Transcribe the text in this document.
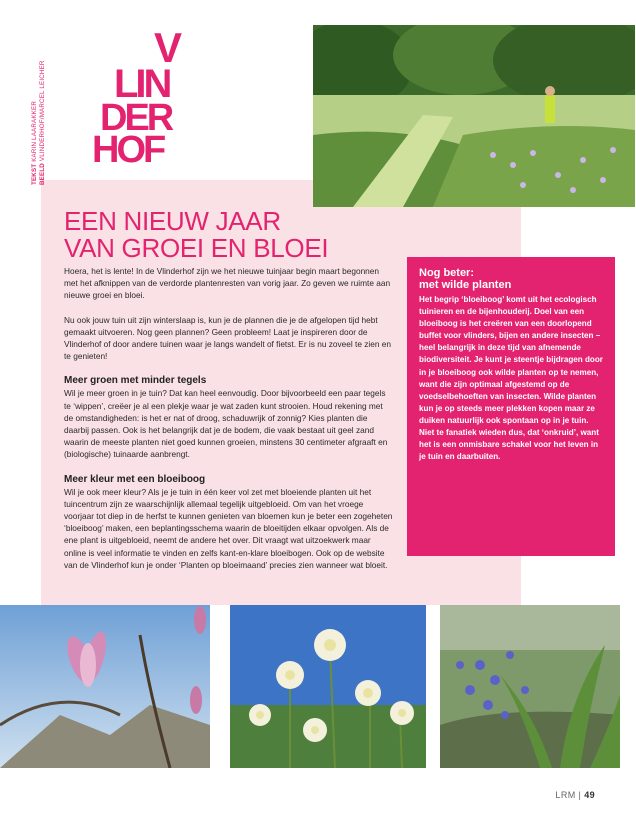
TEKST KARIN LAARAKKER
BEELD VLINDERHOF/MARCEL LEICHER
V
LIN
DER
HOF
EEN NIEUW JAAR
VAN GROEI EN BLOEI

Hoera, het is lente! In de Vlinderhof zijn we het nieuwe tuinjaar begin maart begonnen met het afknippen van de verdorde plantenresten van vorig jaar. Zo geven we ruimte aan nieuwe groei en bloei.

Nu ook jouw tuin uit zijn winterslaap is, kun je de plannen die je de afgelopen tijd hebt gemaakt uitvoeren. Nog geen plannen? Geen probleem! Laat je inspireren door de Vlinderhof of door andere tuinen waar je langs wandelt of fietst. Er is nu zoveel te zien en te genieten!

Meer groen met minder tegels

Wil je meer groen in je tuin? Dat kan heel eenvoudig. Door bijvoorbeeld een paar tegels te ‘wippen’, creëer je al een plekje waar je wat zaden kunt strooien. Houd rekening met de omstandigheden: is het er nat of droog, schaduwrijk of zonnig? Kies planten die daarbij passen. Ook is het belangrijk dat je de bodem, die vaak bestaat uit geel zand waarin de meeste planten niet goed kunnen groeien, minstens 30 centimeter afgraaft en (biologische) tuinaarde aanbrengt.

Meer kleur met een bloeiboog

Wil je ook meer kleur? Als je je tuin in één keer vol zet met bloeiende planten uit het tuincentrum zijn ze waarschijnlijk allemaal tegelijk uitgebloeid. Om van het vroege voorjaar tot diep in de herfst te kunnen genieten van bloemen kun je beter een zogeheten ‘bloeiboog’ maken, een beplantingsschema waarin de bloeitijden elkaar opvolgen. Als de ene plant is uitgebloeid, neemt de andere het over. Dit vraagt wat uitzoekwerk maar online is veel informatie te vinden en zelfs kant-en-klare bloeibogen. Ook op de website van de Vlinderhof kun je onder ‘Planten op bloeimaand’ precies zien wanneer wat bloeit.

Nog beter:
met wilde planten

Het begrip ‘bloeiboog’ komt uit het ecologisch tuinieren en de bijenhouderij. Doel van een bloeiboog is het creëren van een doorlopend buffet voor vlinders, bijen en andere insecten – heel belangrijk in deze tijd van afnemende biodiversiteit. Je kunt je steentje bijdragen door in je bloeiboog ook wilde planten op te nemen, want die zijn optimaal afgestemd op de voedselbehoeften van insecten. Wilde planten kun je op steeds meer plekken kopen maar ze duiken natuurlijk ook spontaan op in je tuin. Niet te fanatiek wieden dus, dat ‘onkruid’, want het is een onmisbare schakel voor het leven in je tuin en daarbuiten.

LRM | 49
